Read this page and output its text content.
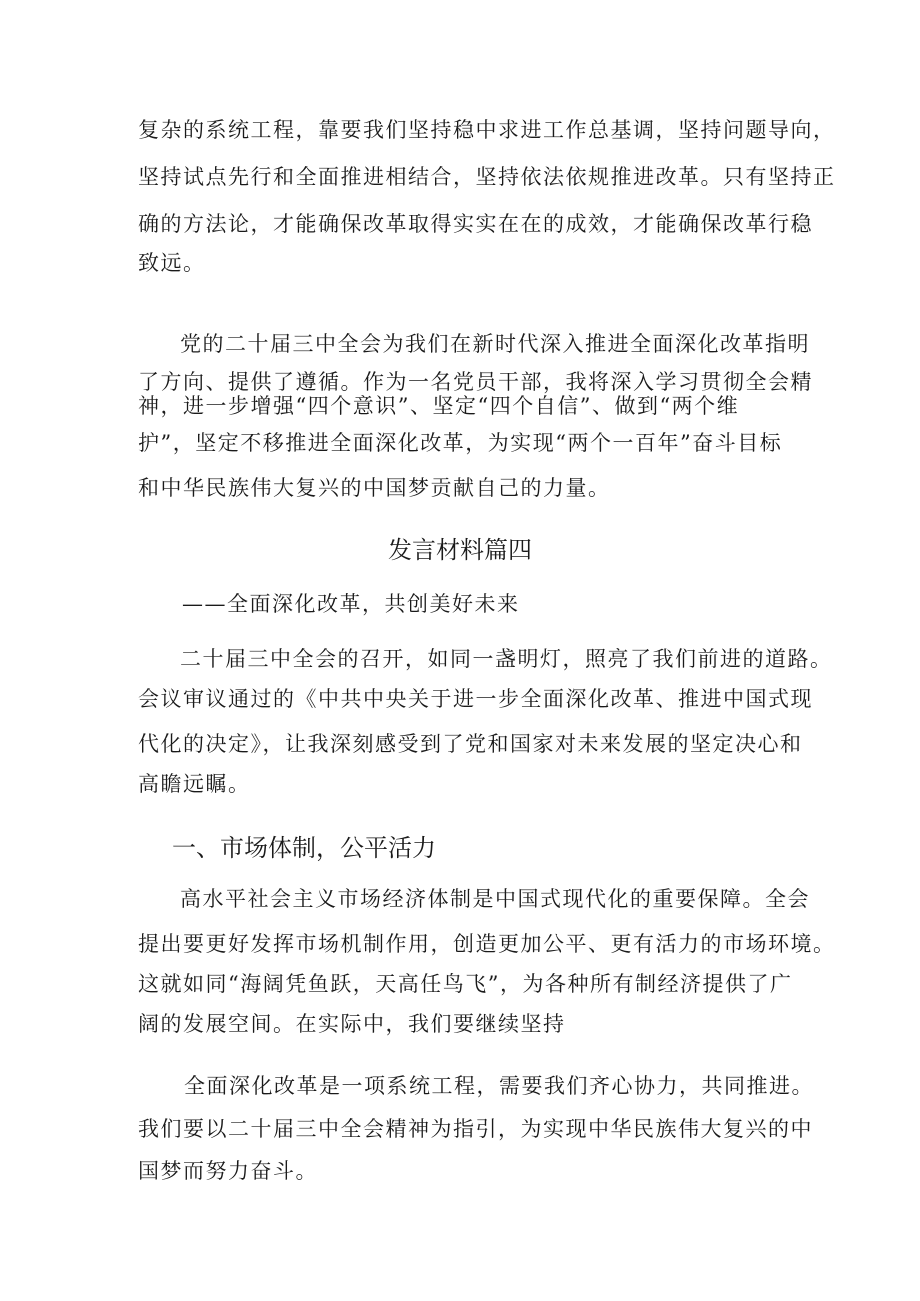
复杂的系统工程，靠要我们坚持稳中求进工作总基调，坚持问题导向，
坚持试点先行和全面推进相结合，坚持依法依规推进改革。只有坚持正
确的方法论，才能确保改革取得实实在在的成效，才能确保改革行稳
致远。
党的二十届三中全会为我们在新时代深入推进全面深化改革指明
了方向、提供了遵循。作为一名党员干部，我将深入学习贯彻全会精
神，进一步增强“四个意识”、坚定“四个自信”、做到“两个维
护”，坚定不移推进全面深化改革，为实现“两个一百年”奋斗目标
和中华民族伟大复兴的中国梦贡献自己的力量。
发言材料篇四
——全面深化改革，共创美好未来
二十届三中全会的召开，如同一盏明灯，照亮了我们前进的道路。
会议审议通过的《中共中央关于进一步全面深化改革、推进中国式现
代化的决定》，让我深刻感受到了党和国家对未来发展的坚定决心和
高瞻远瞩。
一、市场体制，公平活力
高水平社会主义市场经济体制是中国式现代化的重要保障。全会
提出要更好发挥市场机制作用，创造更加公平、更有活力的市场环境。
这就如同“海阔凭鱼跃，天高任鸟飞”，为各种所有制经济提供了广
阔的发展空间。在实际中，我们要继续坚持
全面深化改革是一项系统工程，需要我们齐心协力，共同推进。
我们要以二十届三中全会精神为指引，为实现中华民族伟大复兴的中
国梦而努力奋斗。
